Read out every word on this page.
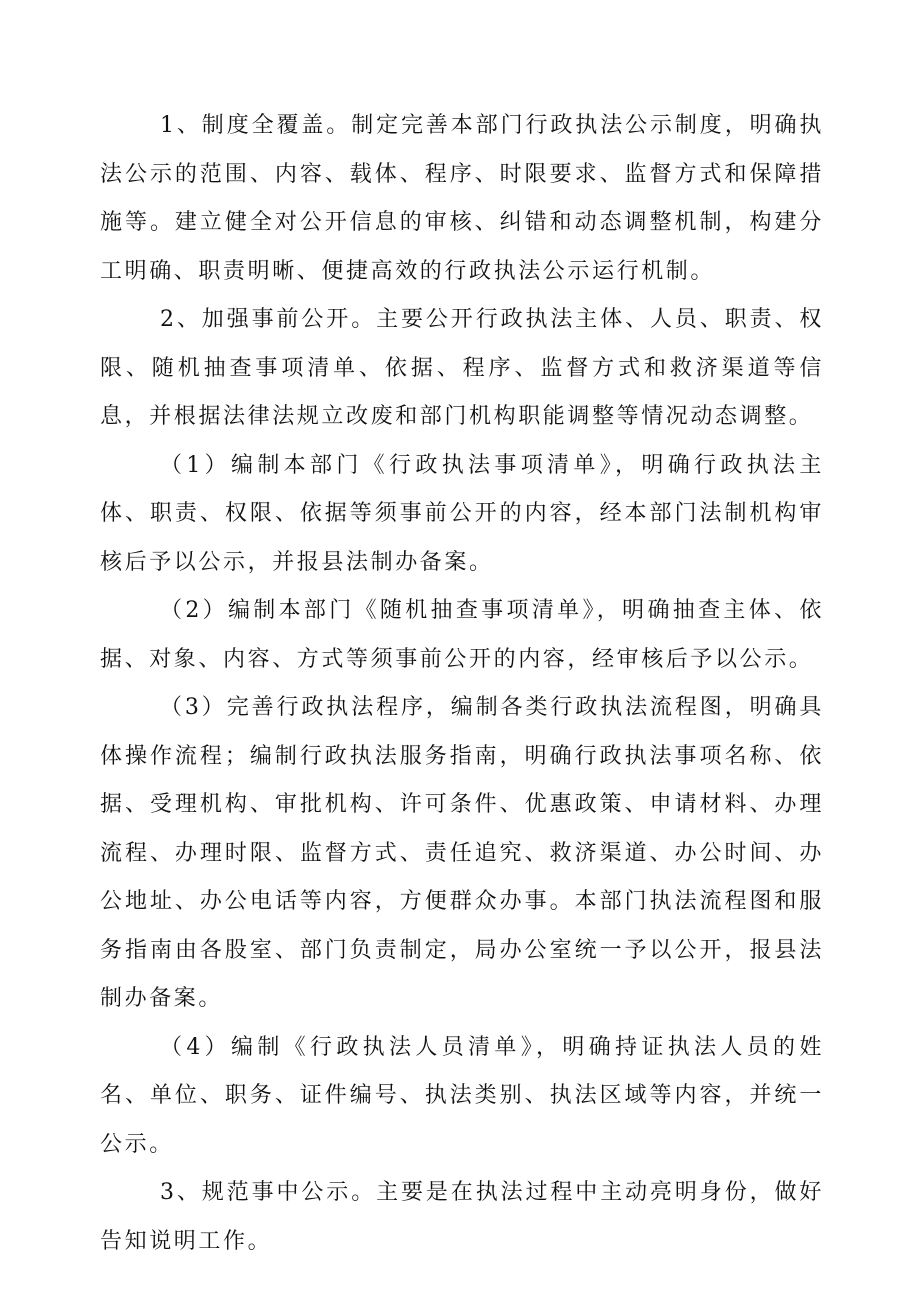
1、制度全覆盖。制定完善本部门行政执法公示制度，明确执法公示的范围、内容、载体、程序、时限要求、监督方式和保障措施等。建立健全对公开信息的审核、纠错和动态调整机制，构建分工明确、职责明晰、便捷高效的行政执法公示运行机制。

2、加强事前公开。主要公开行政执法主体、人员、职责、权限、随机抽查事项清单、依据、程序、监督方式和救济渠道等信息，并根据法律法规立改废和部门机构职能调整等情况动态调整。

（1）编制本部门《行政执法事项清单》，明确行政执法主体、职责、权限、依据等须事前公开的内容，经本部门法制机构审核后予以公示，并报县法制办备案。

（2）编制本部门《随机抽查事项清单》，明确抽查主体、依据、对象、内容、方式等须事前公开的内容，经审核后予以公示。

（3）完善行政执法程序，编制各类行政执法流程图，明确具体操作流程；编制行政执法服务指南，明确行政执法事项名称、依据、受理机构、审批机构、许可条件、优惠政策、申请材料、办理流程、办理时限、监督方式、责任追究、救济渠道、办公时间、办公地址、办公电话等内容，方便群众办事。本部门执法流程图和服务指南由各股室、部门负责制定，局办公室统一予以公开，报县法制办备案。

（4）编制《行政执法人员清单》，明确持证执法人员的姓名、单位、职务、证件编号、执法类别、执法区域等内容，并统一公示。

3、规范事中公示。主要是在执法过程中主动亮明身份，做好告知说明工作。
